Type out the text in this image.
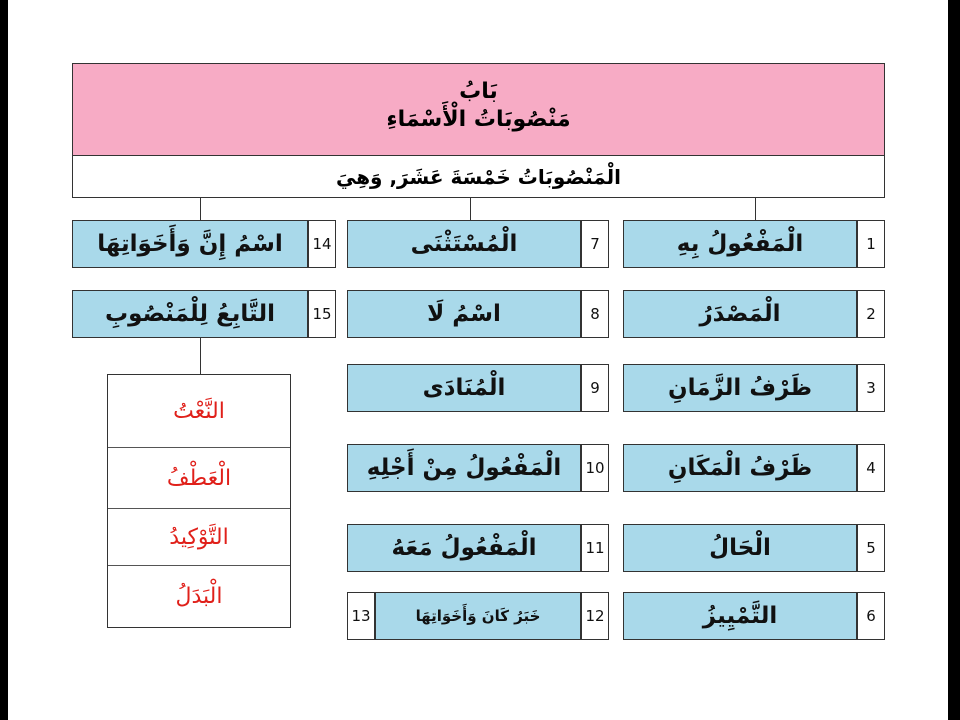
بَابُ
مَنْصُوبَاتُ الْأَسْمَاءِ
الْمَنْصُوبَاتُ خَمْسَةَ عَشَرَ, وَهِيَ
الْمَفْعُولُ بِهِ	1
الْمَصْدَرُ	2
ظَرْفُ الزَّمَانِ	3
ظَرْفُ الْمَكَانِ	4
الْحَالُ	5
التَّمْيِيزُ	6
الْمُسْتَثْنَى	7
اسْمُ لَا	8
الْمُنَادَى	9
الْمَفْعُولُ مِنْ أَجْلِهِ	10
الْمَفْعُولُ مَعَهُ	11
خَبَرُ كَانَ وَأَخَوَاتِهَا	12
13
اسْمُ إِنَّ وَأَخَوَاتِهَا	14
التَّابِعُ لِلْمَنْصُوبِ	15
النَّعْتُ
الْعَطْفُ
التَّوْكِيدُ
الْبَدَلُ
